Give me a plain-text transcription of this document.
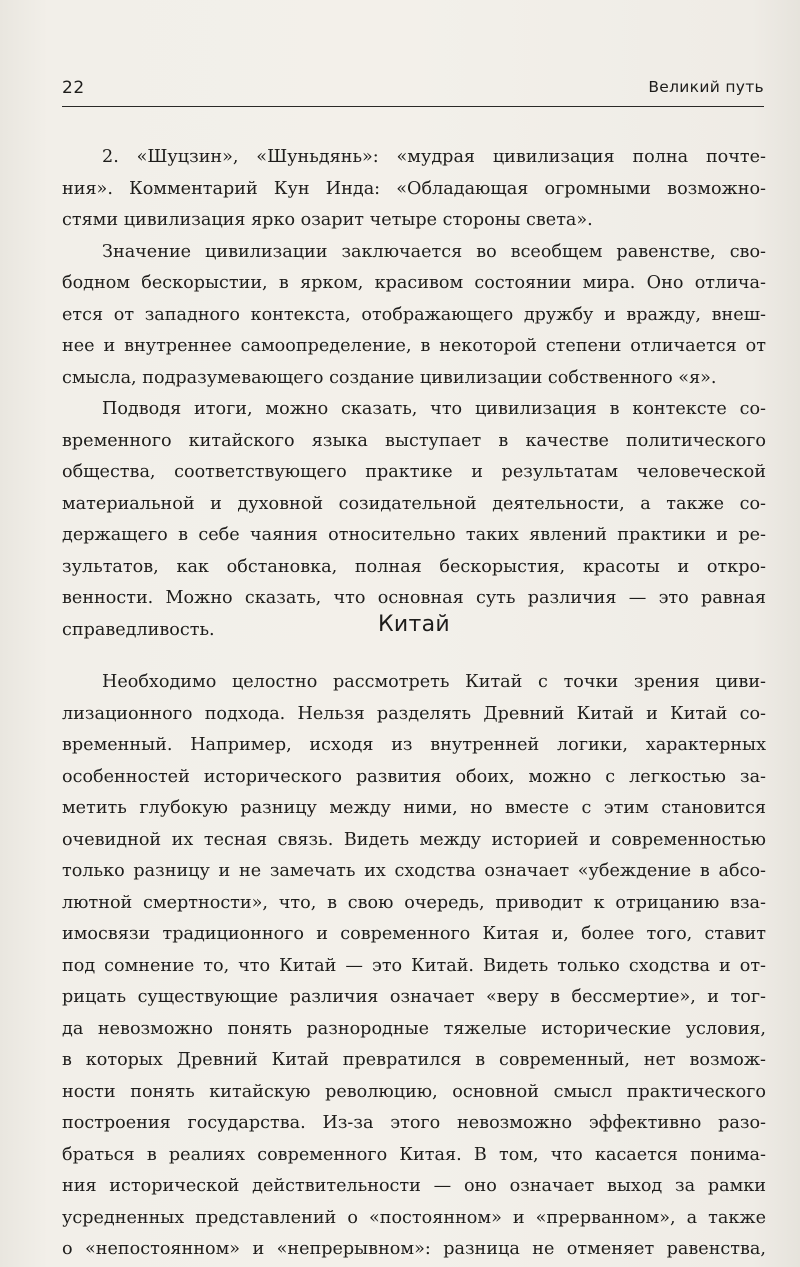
22	Великий путь

2. «Шуцзин», «Шуньдянь»: «мудрая цивилизация полна почте-
ния». Комментарий Кун Инда: «Обладающая огромными возможно-
стями цивилизация ярко озарит четыре стороны света».

Значение цивилизации заключается во всеобщем равенстве, сво-
бодном бескорыстии, в ярком, красивом состоянии мира. Оно отлича-
ется от западного контекста, отображающего дружбу и вражду, внеш-
нее и внутреннее самоопределение, в некоторой степени отличается от
смысла, подразумевающего создание цивилизации собственного «я».

Подводя итоги, можно сказать, что цивилизация в контексте со-
временного китайского языка выступает в качестве политического
общества, соответствующего практике и результатам человеческой
материальной и духовной созидательной деятельности, а также со-
держащего в себе чаяния относительно таких явлений практики и ре-
зультатов, как обстановка, полная бескорыстия, красоты и откро-
венности. Можно сказать, что основная суть различия — это равная
справедливость.	Китай

Необходимо целостно рассмотреть Китай с точки зрения циви-
лизационного подхода. Нельзя разделять Древний Китай и Китай со-
временный. Например, исходя из внутренней логики, характерных
особенностей исторического развития обоих, можно с легкостью за-
метить глубокую разницу между ними, но вместе с этим становится
очевидной их тесная связь. Видеть между историей и современностью
только разницу и не замечать их сходства означает «убеждение в абсо-
лютной смертности», что, в свою очередь, приводит к отрицанию вза-
имосвязи традиционного и современного Китая и, более того, ставит
под сомнение то, что Китай — это Китай. Видеть только сходства и от-
рицать существующие различия означает «веру в бессмертие», и тог-
да невозможно понять разнородные тяжелые исторические условия,
в которых Древний Китай превратился в современный, нет возмож-
ности понять китайскую революцию, основной смысл практического
построения государства. Из-за этого невозможно эффективно разо-
браться в реалиях современного Китая. В том, что касается понима-
ния исторической действительности — оно означает выход за рамки
усредненных представлений о «постоянном» и «прерванном», а также
о «непостоянном» и «непрерывном»: разница не отменяет равенства,
